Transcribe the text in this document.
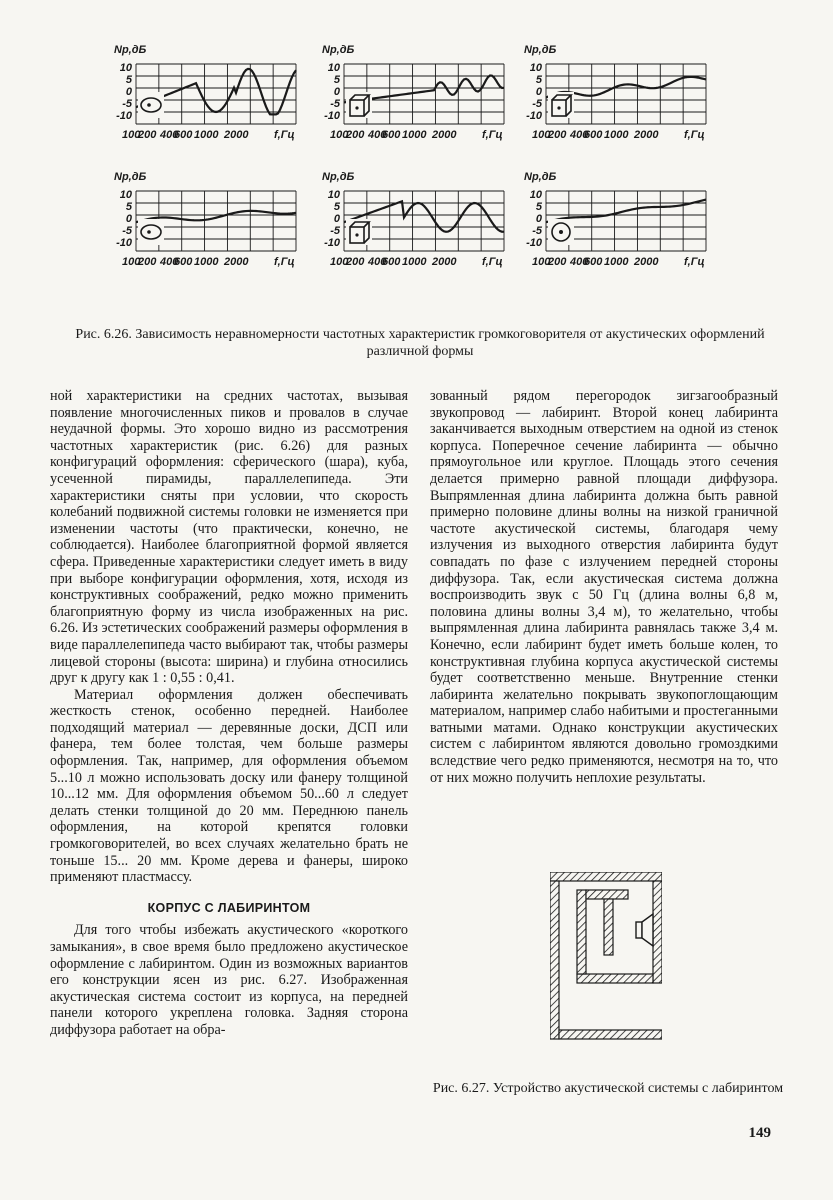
Np,дБ
10
5
0
-5
-10
100
200 400
600 1000 2000 f,Гц
Np,дБ
10
5
0
-5
-10
100
200 400
600 1000 2000 f,Гц
Np,дБ
10
5
0
-5
-10
100
200 400
600 1000 2000 f,Гц
Np,дБ
10
5
0
-5
-10
100
200 400
600 1000 2000 f,Гц
Np,дБ
10
5
0
-5
-10
100
200 400
600 1000 2000 f,Гц
Np,дБ
10
5
0
-5
-10
100
200 400
600 1000 2000 f,Гц
Рис. 6.26. Зависимость неравномерности частотных характеристик громкоговорителя от акустических оформлений различной формы

ной характеристики на средних частотах, вызывая появление многочисленных пиков и провалов в случае неудачной формы. Это хорошо видно из рассмотрения частотных характеристик (рис. 6.26) для разных конфигураций оформления: сферического (шара), куба, усеченной пирамиды, параллелепипеда. Эти характеристики сняты при условии, что скорость колебаний подвижной системы головки не изменяется при изменении частоты (что практически, конечно, не соблюдается). Наиболее благоприятной формой является сфера. Приведенные характеристики следует иметь в виду при выборе конфигурации оформления, хотя, исходя из конструктивных соображений, редко можно применить благоприятную форму из числа изображенных на рис. 6.26. Из эстетических соображений размеры оформления в виде параллелепипеда часто выбирают так, чтобы размеры лицевой стороны (высота: ширина) и глубина относились друг к другу как 1 : 0,55 : 0,41.

Материал оформления должен обеспечивать жесткость стенок, особенно передней. Наиболее подходящий материал — деревянные доски, ДСП или фанера, тем более толстая, чем больше размеры оформления. Так, например, для оформления объемом 5...10 л можно использовать доску или фанеру толщиной 10...12 мм. Для оформления объемом 50...60 л следует делать стенки толщиной до 20 мм. Переднюю панель оформления, на которой крепятся головки громкоговорителей, во всех случаях желательно брать не тоньше 15... 20 мм. Кроме дерева и фанеры, широко применяют пластмассу.

КОРПУС С ЛАБИРИНТОМ

Для того чтобы избежать акустического «короткого замыкания», в свое время было предложено акустическое оформление с лабиринтом. Один из возможных вариантов его конструкции ясен из рис. 6.27. Изображенная акустическая система состоит из корпуса, на передней панели которого укреплена головка. Задняя сторона диффузора работает на обра-

зованный рядом перегородок зигзагообразный звукопровод — лабиринт. Второй конец лабиринта заканчивается выходным отверстием на одной из стенок корпуса. Поперечное сечение лабиринта — обычно прямоугольное или круглое. Площадь этого сечения делается примерно равной площади диффузора. Выпрямленная длина лабиринта должна быть равной примерно половине длины волны на низкой граничной частоте акустической системы, благодаря чему излучения из выходного отверстия лабиринта будут совпадать по фазе с излучением передней стороны диффузора. Так, если акустическая система должна воспроизводить звук с 50 Гц (длина волны 6,8 м, половина длины волны 3,4 м), то желательно, чтобы выпрямленная длина лабиринта равнялась также 3,4 м. Конечно, если лабиринт будет иметь больше колен, то конструктивная глубина корпуса акустической системы будет соответственно меньше. Внутренние стенки лабиринта желательно покрывать звукопоглощающим материалом, например слабо набитыми и простеганными ватными матами. Однако конструкции акустических систем с лабиринтом являются довольно громоздкими вследствие чего редко применяются, несмотря на то, что от них можно получить неплохие результаты.

Рис. 6.27. Устройство акустической системы с лабиринтом
149
